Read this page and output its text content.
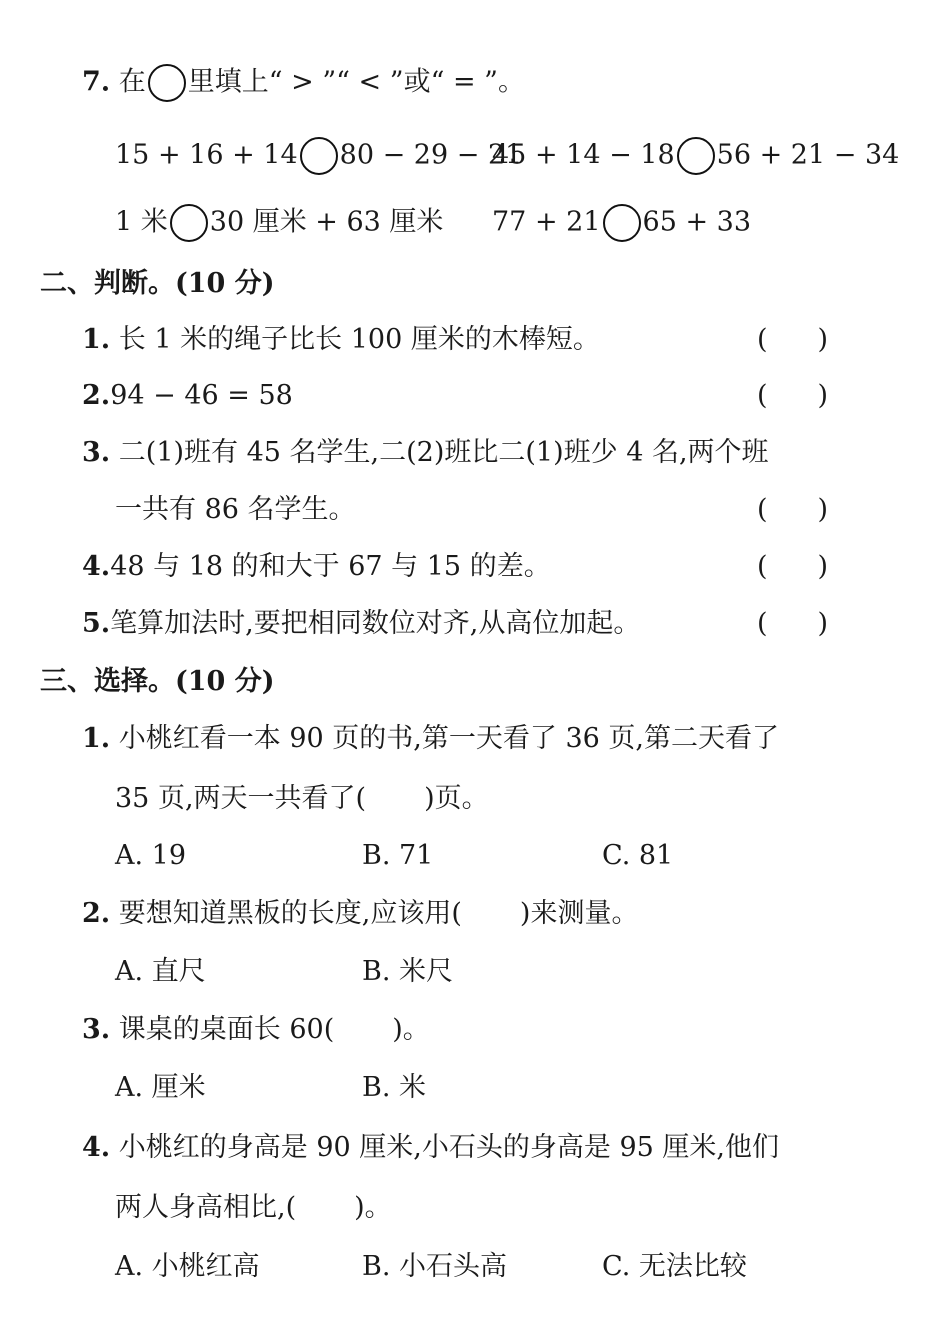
7. 在 里填上“ > ”“ < ”或“ = ”。
15 + 16 + 14 80 − 29 − 21
45 + 14 − 18 56 + 21 − 34
1 米 30 厘米 + 63 厘米 77 + 21 65 + 33
二、判断。(10 分)
1. 长 1 米的绳子比长 100 厘米的木棒短。	( )
2.94 − 46 = 58	( )
3. 二(1)班有 45 名学生,二(2)班比二(1)班少 4 名,两个班
一共有 86 名学生。	( )
4.48 与 18 的和大于 67 与 15 的差。	( )
5.笔算加法时,要把相同数位对齐,从高位加起。	( )
三、选择。(10 分)
1. 小桃红看一本 90 页的书,第一天看了 36 页,第二天看了
35 页,两天一共看了( )页。
A. 19	B. 71	C. 81
2. 要想知道黑板的长度,应该用( )来测量。
A. 直尺	B. 米尺
3. 课桌的桌面长 60( )。
A. 厘米	B. 米
4. 小桃红的身高是 90 厘米,小石头的身高是 95 厘米,他们
两人身高相比,( )。
A. 小桃红高	B. 小石头高	C. 无法比较
